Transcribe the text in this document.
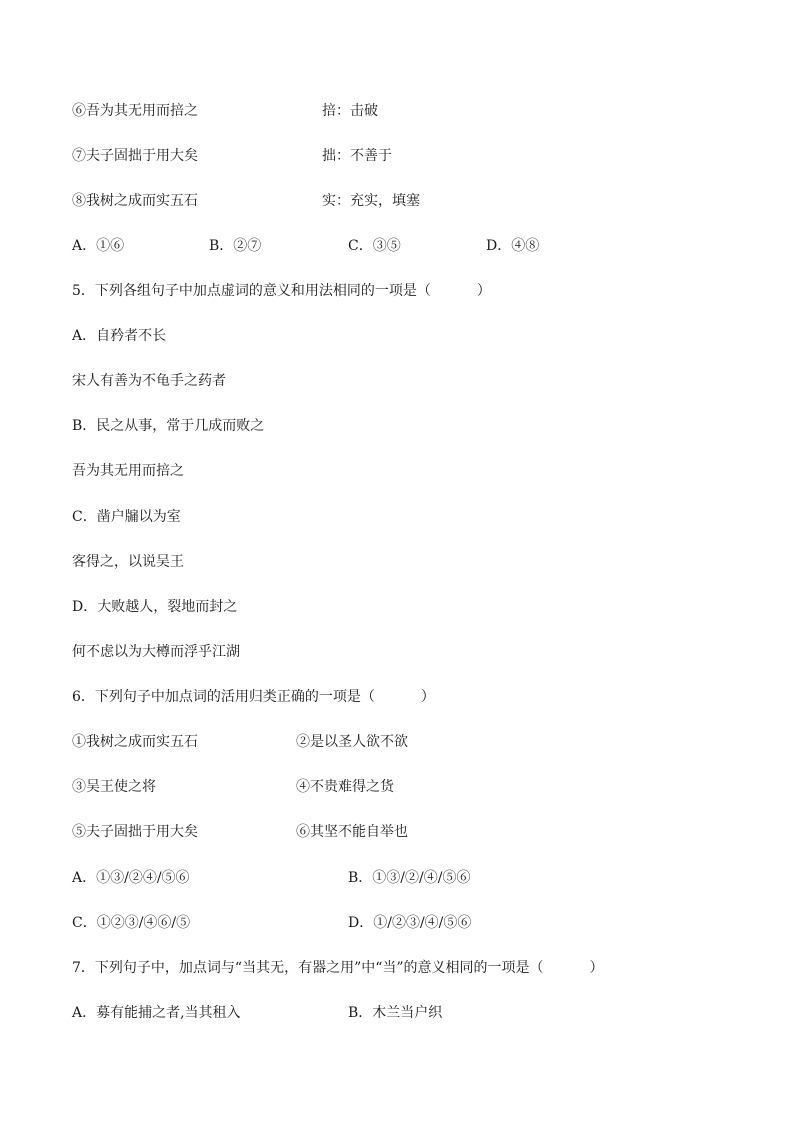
⑥吾为其无用而掊之	掊：击破
⑦夫子固拙于用大矣	拙：不善于
⑧我树之成而实五石	实：充实，填塞
A．①⑥	B．②⑦	C．③⑤	D．④⑧
5．下列各组句子中加点虚词的意义和用法相同的一项是（	）
A．自矜者不长
宋人有善为不龟手之药者
B．民之从事，常于几成而败之
吾为其无用而掊之
C．凿户牖以为室
客得之，以说吴王
D．大败越人，裂地而封之
何不虑以为大樽而浮乎江湖
6．下列句子中加点词的活用归类正确的一项是（	）
①我树之成而实五石	②是以圣人欲不欲
③吴王使之将	④不贵难得之货
⑤夫子固拙于用大矣	⑥其坚不能自举也
A．①③/②④/⑤⑥	B．①③/②/④/⑤⑥
C．①②③/④⑥/⑤	D．①/②③/④/⑤⑥
7．下列句子中，加点词与“当其无，有器之用”中“当”的意义相同的一项是（	）
A．募有能捕之者,当其租入	B．木兰当户织
